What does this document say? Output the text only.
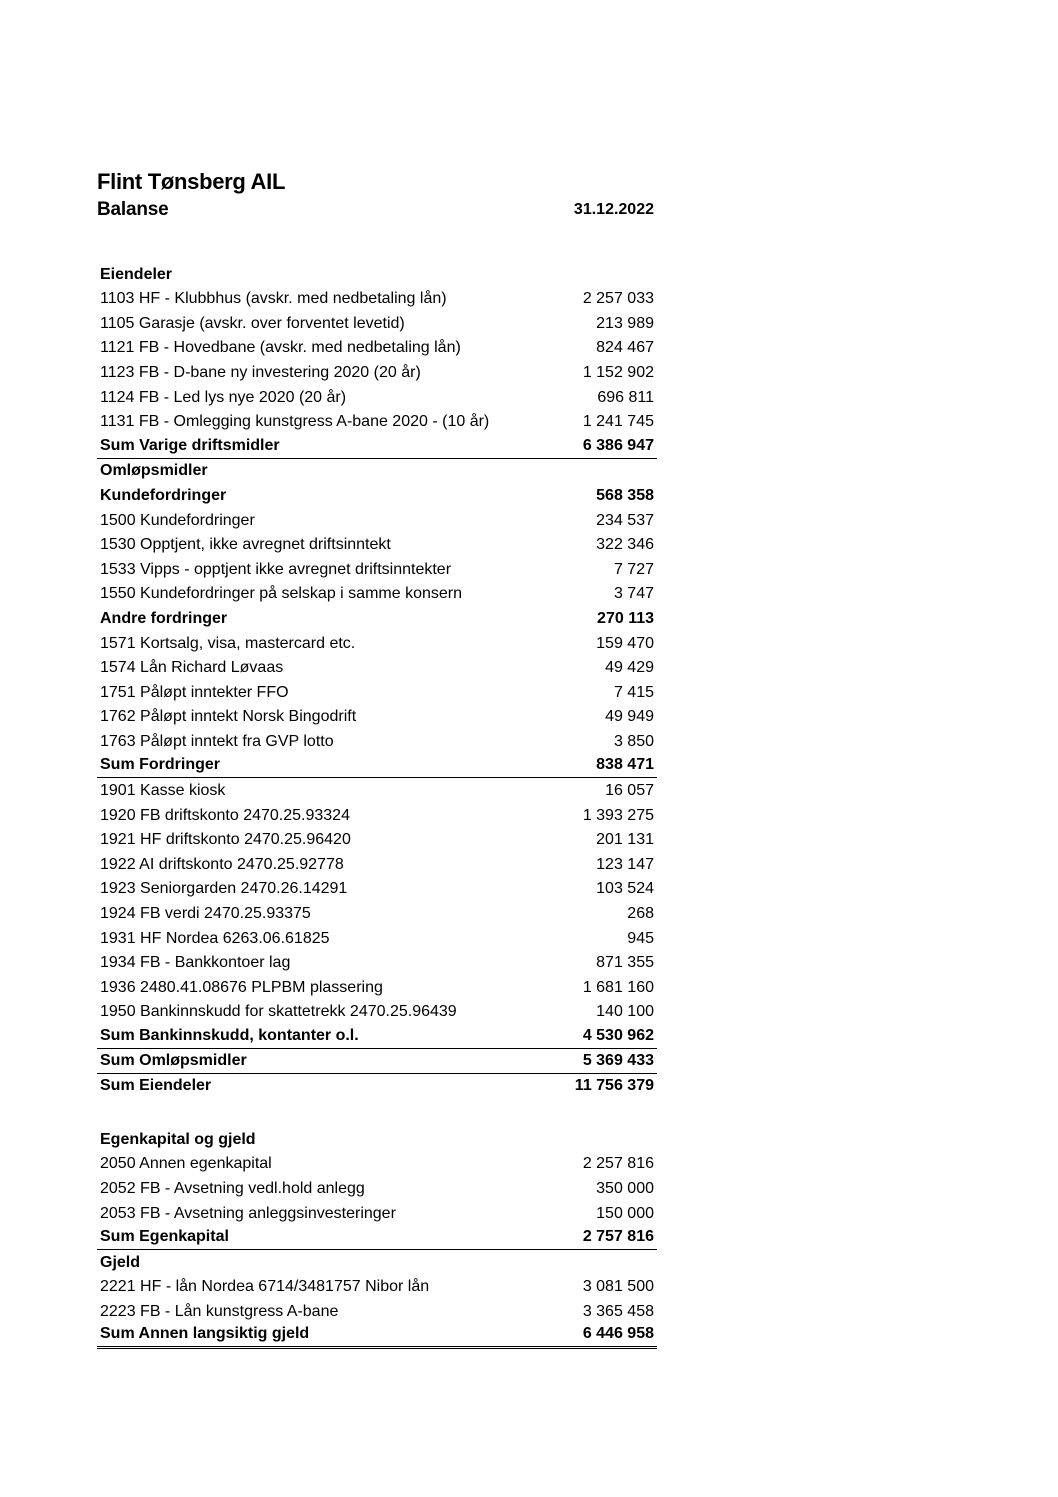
Flint Tønsberg AIL
Balanse	31.12.2022
Eiendeler
1103 HF - Klubbhus (avskr. med nedbetaling lån)	2 257 033
1105 Garasje (avskr. over forventet levetid)	213 989
1121 FB - Hovedbane (avskr. med nedbetaling lån)	824 467
1123 FB - D-bane ny investering 2020 (20 år)	1 152 902
1124 FB - Led lys nye 2020 (20 år)	696 811
1131 FB - Omlegging kunstgress A-bane 2020 - (10 år)	1 241 745
Sum Varige driftsmidler	6 386 947
Omløpsmidler
Kundefordringer	568 358
1500 Kundefordringer	234 537
1530 Opptjent, ikke avregnet driftsinntekt	322 346
1533 Vipps - opptjent ikke avregnet driftsinntekter	7 727
1550 Kundefordringer på selskap i samme konsern	3 747
Andre fordringer	270 113
1571 Kortsalg, visa, mastercard etc.	159 470
1574 Lån Richard Løvaas	49 429
1751 Påløpt inntekter FFO	7 415
1762 Påløpt inntekt Norsk Bingodrift	49 949
1763 Påløpt inntekt fra GVP lotto	3 850
Sum Fordringer	838 471
1901 Kasse kiosk	16 057
1920 FB driftskonto 2470.25.93324	1 393 275
1921 HF driftskonto 2470.25.96420	201 131
1922 AI driftskonto 2470.25.92778	123 147
1923 Seniorgarden 2470.26.14291	103 524
1924 FB verdi 2470.25.93375	268
1931 HF Nordea 6263.06.61825	945
1934 FB - Bankkontoer lag	871 355
1936 2480.41.08676 PLPBM plassering	1 681 160
1950 Bankinnskudd for skattetrekk 2470.25.96439	140 100
Sum Bankinnskudd, kontanter o.l.	4 530 962
Sum Omløpsmidler	5 369 433
Sum Eiendeler	11 756 379
Egenkapital og gjeld
2050 Annen egenkapital	2 257 816
2052 FB - Avsetning vedl.hold anlegg	350 000
2053 FB - Avsetning anleggsinvesteringer	150 000
Sum Egenkapital	2 757 816
Gjeld
2221 HF - lån Nordea 6714/3481757 Nibor lån	3 081 500
2223 FB - Lån kunstgress A-bane	3 365 458
Sum Annen langsiktig gjeld	6 446 958
